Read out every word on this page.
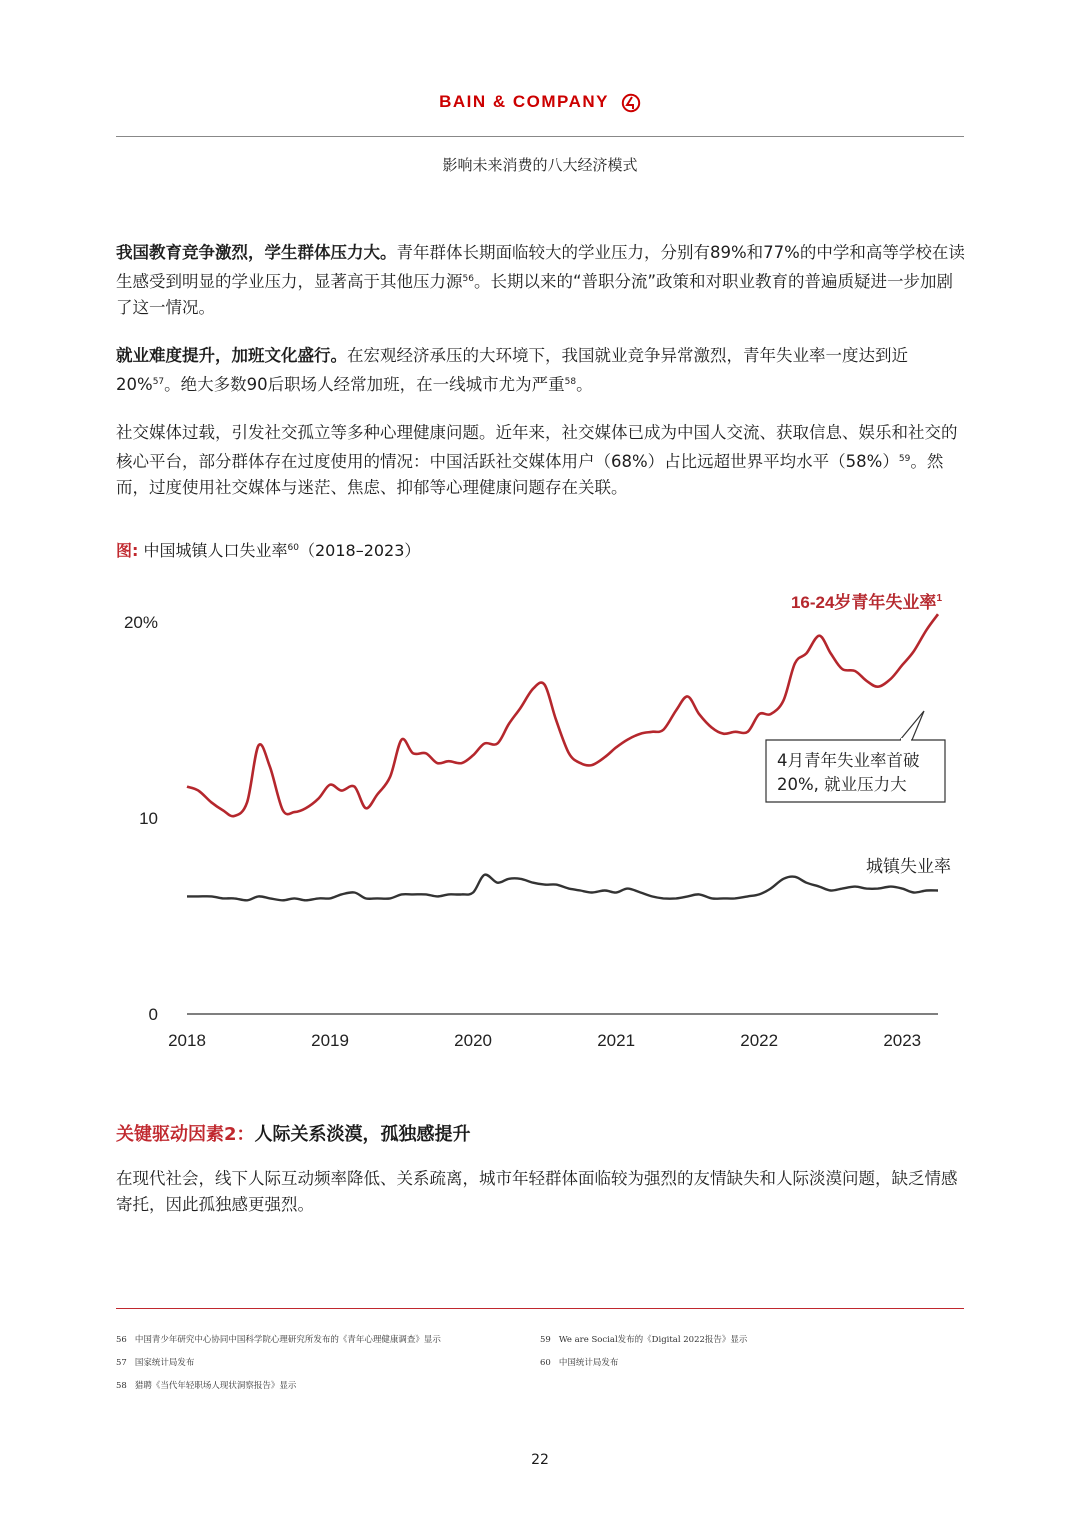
BAIN & COMPANY
影响未来消费的八大经济模式
我国教育竞争激烈，学生群体压力大。青年群体长期面临较大的学业压力，分别有89%和77%的中学和高等学校在读生感受到明显的学业压力，显著高于其他压力源$^{56}$。长期以来的“普职分流”政策和对职业教育的普遍质疑进一步加剧了这一情况。
就业难度提升，加班文化盛行。在宏观经济承压的大环境下，我国就业竞争异常激烈，青年失业率一度达到近20%$^{57}$。绝大多数90后职场人经常加班，在一线城市尤为严重$^{58}$。
社交媒体过载，引发社交孤立等多种心理健康问题。近年来，社交媒体已成为中国人交流、获取信息、娱乐和社交的核心平台，部分群体存在过度使用的情况：中国活跃社交媒体用户（68%）占比远超世界平均水平$(58\%)^{59}$。然而，过度使用社交媒体与迷茫、焦虑、抑郁等心理健康问题存在关联。
图: 中国城镇人口失业率$^{60}$（2018–2023）
0
10
20%
2018	2019	2020	2021	2022	2023
16-24岁青年失业率$^1$
城镇失业率
4月青年失业率首破
20%, 就业压力大
关键驱动因素2：人际关系淡漠，孤独感提升
在现代社会，线下人际互动频率降低、关系疏离，城市年轻群体面临较为强烈的友情缺失和人际淡漠问题，缺乏情感寄托，因此孤独感更强烈。
56 中国青少年研究中心协同中国科学院心理研究所发布的《青年心理健康调查》显示
57 国家统计局发布
58 猎聘《当代年轻职场人现状洞察报告》显示
59 We are Social发布的《Digital 2022报告》显示
60 中国统计局发布
22
